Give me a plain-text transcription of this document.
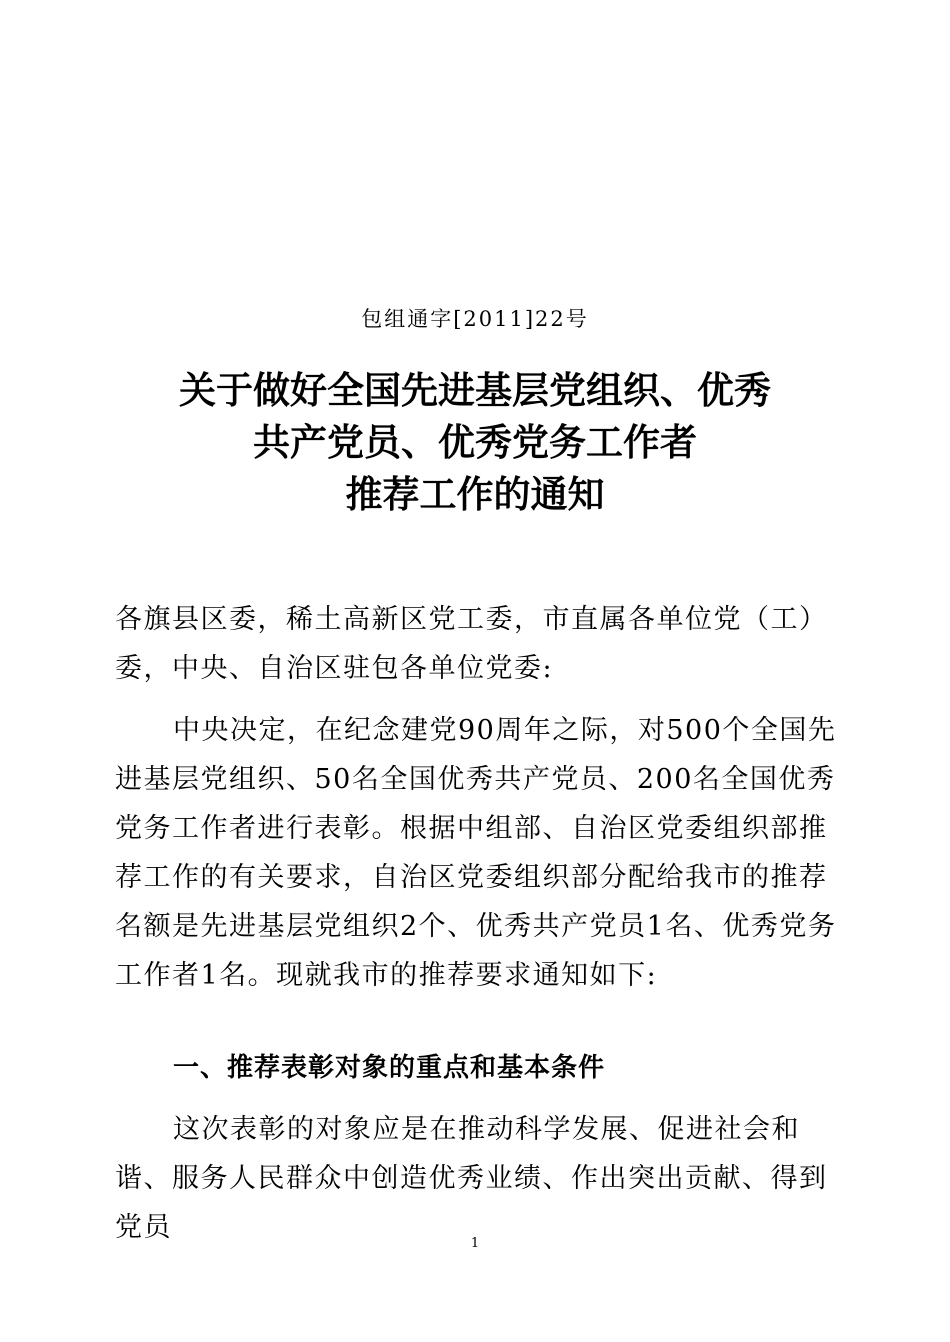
包组通字[2011]22号
关于做好全国先进基层党组织、优秀
共产党员、优秀党务工作者
推荐工作的通知

各旗县区委，稀土高新区党工委，市直属各单位党（工）委，中央、自治区驻包各单位党委:

中央决定，在纪念建党90周年之际，对500个全国先进基层党组织、50名全国优秀共产党员、200名全国优秀党务工作者进行表彰。根据中组部、自治区党委组织部推荐工作的有关要求，自治区党委组织部分配给我市的推荐名额是先进基层党组织2个、优秀共产党员1名、优秀党务工作者1名。现就我市的推荐要求通知如下:

一、推荐表彰对象的重点和基本条件

这次表彰的对象应是在推动科学发展、促进社会和谐、服务人民群众中创造优秀业绩、作出突出贡献、得到党员

1
